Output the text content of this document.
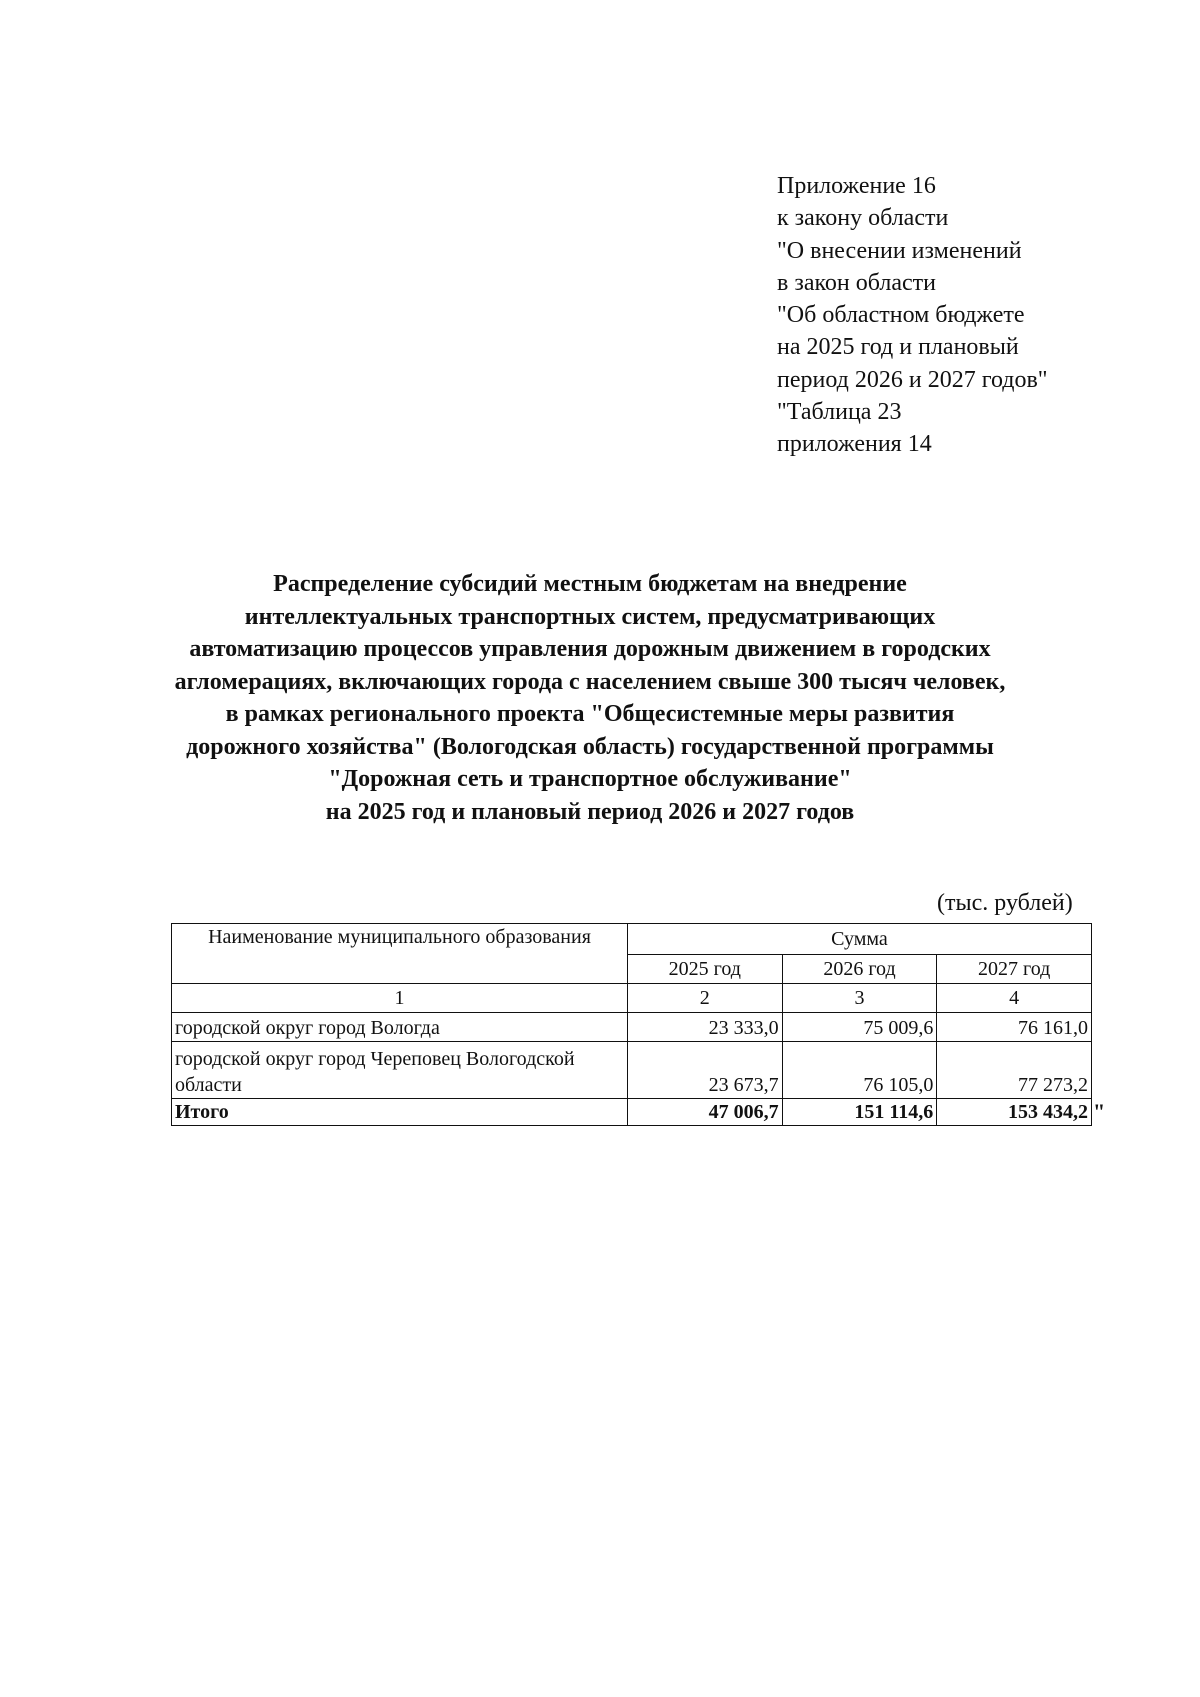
Приложение 16
к закону области
"О внесении изменений
в закон области
"Об областном бюджете
на 2025 год и плановый
период 2026 и 2027 годов"
"Таблица 23
приложения 14
Распределение субсидий местным бюджетам на внедрение
интеллектуальных транспортных систем, предусматривающих
автоматизацию процессов управления дорожным движением в городских
агломерациях, включающих города с населением свыше 300 тысяч человек,
в рамках регионального проекта "Общесистемные меры развития
дорожного хозяйства" (Вологодская область) государственной программы
"Дорожная сеть и транспортное обслуживание"
на 2025 год и плановый период 2026 и 2027 годов
(тыс. рублей)
Наименование муниципального образования	Сумма		
	2025 год	2026 год	2027 год
1	2	3	4
городской округ город Вологда	23 333,0	75 009,6	76 161,0

городской округ город Череповец Вологодской
области	23 673,7	76 105,0	77 273,2
Итого	47 006,7	151 114,6	153 434,2 "
